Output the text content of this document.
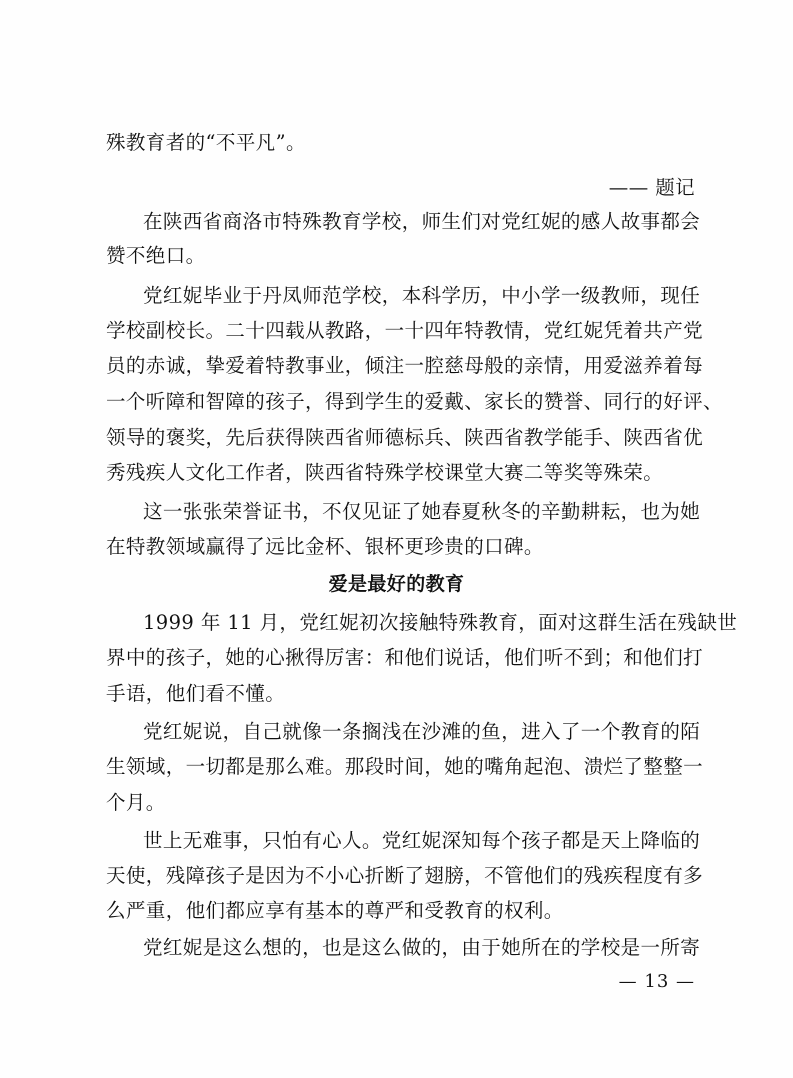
殊教育者的“不平凡”。
—— 题记
在陕西省商洛市特殊教育学校，师生们对党红妮的感人故事都会
赞不绝口。
党红妮毕业于丹凤师范学校，本科学历，中小学一级教师，现任
学校副校长。二十四载从教路，一十四年特教情，党红妮凭着共产党
员的赤诚，挚爱着特教事业，倾注一腔慈母般的亲情，用爱滋养着每
一个听障和智障的孩子，得到学生的爱戴、家长的赞誉、同行的好评、
领导的褒奖，先后获得陕西省师德标兵、陕西省教学能手、陕西省优
秀残疾人文化工作者，陕西省特殊学校课堂大赛二等奖等殊荣。
这一张张荣誉证书，不仅见证了她春夏秋冬的辛勤耕耘，也为她
在特教领域赢得了远比金杯、银杯更珍贵的口碑。
爱是最好的教育
1999 年 11 月，党红妮初次接触特殊教育，面对这群生活在残缺世
界中的孩子，她的心揪得厉害：和他们说话，他们听不到；和他们打
手语，他们看不懂。
党红妮说，自己就像一条搁浅在沙滩的鱼，进入了一个教育的陌
生领域，一切都是那么难。那段时间，她的嘴角起泡、溃烂了整整一
个月。
世上无难事，只怕有心人。党红妮深知每个孩子都是天上降临的
天使，残障孩子是因为不小心折断了翅膀，不管他们的残疾程度有多
么严重，他们都应享有基本的尊严和受教育的权利。
党红妮是这么想的，也是这么做的，由于她所在的学校是一所寄
— 13 —
